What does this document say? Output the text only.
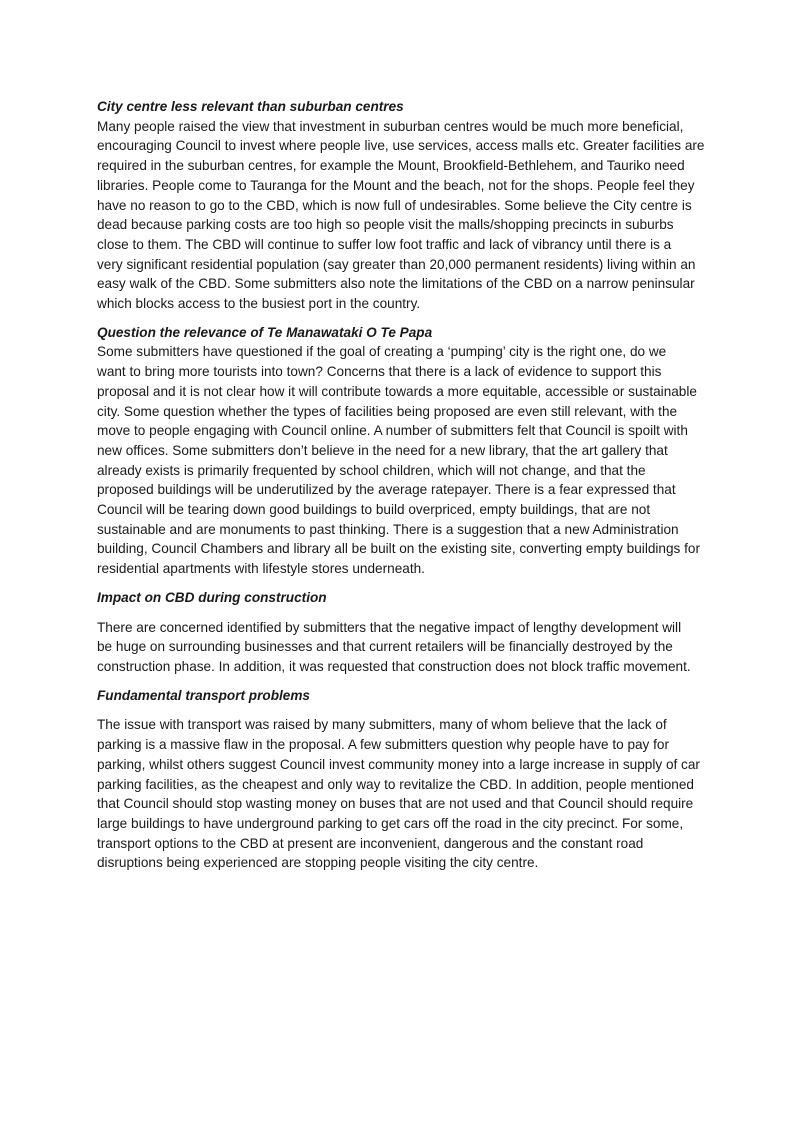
City centre less relevant than suburban centres

Many people raised the view that investment in suburban centres would be much more beneficial,
encouraging Council to invest where people live, use services, access malls etc. Greater facilities are
required in the suburban centres, for example the Mount, Brookfield-Bethlehem, and Tauriko need
libraries. People come to Tauranga for the Mount and the beach, not for the shops. People feel they
have no reason to go to the CBD, which is now full of undesirables. Some believe the City centre is
dead because parking costs are too high so people visit the malls/shopping precincts in suburbs
close to them. The CBD will continue to suffer low foot traffic and lack of vibrancy until there is a
very significant residential population (say greater than 20,000 permanent residents) living within an
easy walk of the CBD. Some submitters also note the limitations of the CBD on a narrow peninsular
which blocks access to the busiest port in the country.

Question the relevance of Te Manawataki O Te Papa

Some submitters have questioned if the goal of creating a ‘pumping’ city is the right one, do we
want to bring more tourists into town? Concerns that there is a lack of evidence to support this
proposal and it is not clear how it will contribute towards a more equitable, accessible or sustainable
city. Some question whether the types of facilities being proposed are even still relevant, with the
move to people engaging with Council online. A number of submitters felt that Council is spoilt with
new offices. Some submitters don’t believe in the need for a new library, that the art gallery that
already exists is primarily frequented by school children, which will not change, and that the
proposed buildings will be underutilized by the average ratepayer. There is a fear expressed that
Council will be tearing down good buildings to build overpriced, empty buildings, that are not
sustainable and are monuments to past thinking. There is a suggestion that a new Administration
building, Council Chambers and library all be built on the existing site, converting empty buildings for
residential apartments with lifestyle stores underneath.

Impact on CBD during construction

There are concerned identified by submitters that the negative impact of lengthy development will
be huge on surrounding businesses and that current retailers will be financially destroyed by the
construction phase. In addition, it was requested that construction does not block traffic movement.

Fundamental transport problems

The issue with transport was raised by many submitters, many of whom believe that the lack of
parking is a massive flaw in the proposal. A few submitters question why people have to pay for
parking, whilst others suggest Council invest community money into a large increase in supply of car
parking facilities, as the cheapest and only way to revitalize the CBD. In addition, people mentioned
that Council should stop wasting money on buses that are not used and that Council should require
large buildings to have underground parking to get cars off the road in the city precinct. For some,
transport options to the CBD at present are inconvenient, dangerous and the constant road
disruptions being experienced are stopping people visiting the city centre.
